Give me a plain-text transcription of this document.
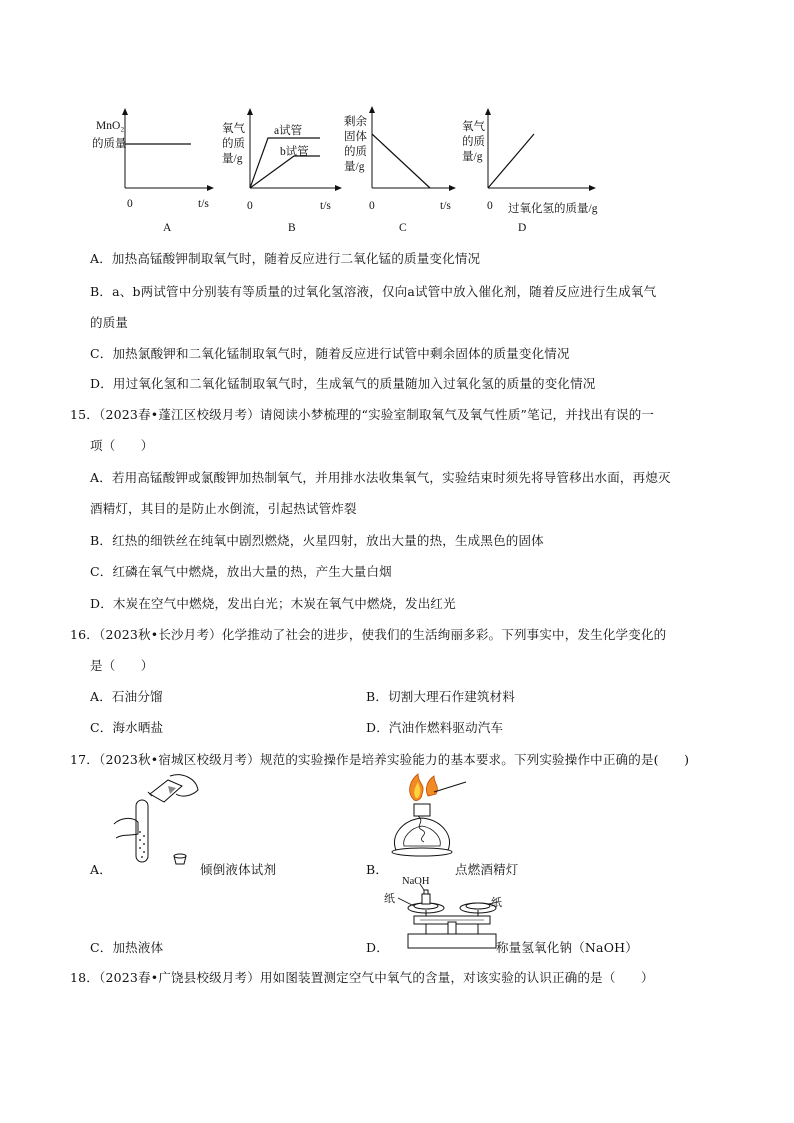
MnO₂
的质量
0	t/s
A
氧气
的质
量/g
a试管
b试管
0	t/s
B
剩余
固体
的质
量/g
0	t/s
C
氧气
的质
量/g
0 过氧化氢的质量/g
D
A．加热高锰酸钾制取氧气时，随着反应进行二氧化锰的质量变化情况
B．a、b两试管中分别装有等质量的过氧化氢溶液，仅向a试管中放入催化剂，随着反应进行生成氧气
的质量
C．加热氯酸钾和二氧化锰制取氧气时，随着反应进行试管中剩余固体的质量变化情况
D．用过氧化氢和二氧化锰制取氧气时，生成氧气的质量随加入过氧化氢的质量的变化情况
15．（2023春•蓬江区校级月考）请阅读小梦梳理的“实验室制取氧气及氧气性质”笔记，并找出有误的一
项（　　）
A．若用高锰酸钾或氯酸钾加热制氧气，并用排水法收集氧气，实验结束时须先将导管移出水面，再熄灭
酒精灯，其目的是防止水倒流，引起热试管炸裂
B．红热的细铁丝在纯氧中剧烈燃烧，火星四射，放出大量的热，生成黑色的固体
C．红磷在氧气中燃烧，放出大量的热，产生大量白烟
D．木炭在空气中燃烧，发出白光；木炭在氧气中燃烧，发出红光
16．（2023秋•长沙月考）化学推动了社会的进步，使我们的生活绚丽多彩。下列事实中，发生化学变化的
是（　　）
A．石油分馏	B．切割大理石作建筑材料
C．海水晒盐	D．汽油作燃料驱动汽车
17．（2023秋•宿城区校级月考）规范的实验操作是培养实验能力的基本要求。下列实验操作中正确的是(　　)
A．	倾倒液体试剂	B．	点燃酒精灯
NaOH
纸	纸
C．加热液体	D．	称量氢氧化钠（NaOH）
18．（2023春•广饶县校级月考）用如图装置测定空气中氧气的含量，对该实验的认识正确的是（　　）
